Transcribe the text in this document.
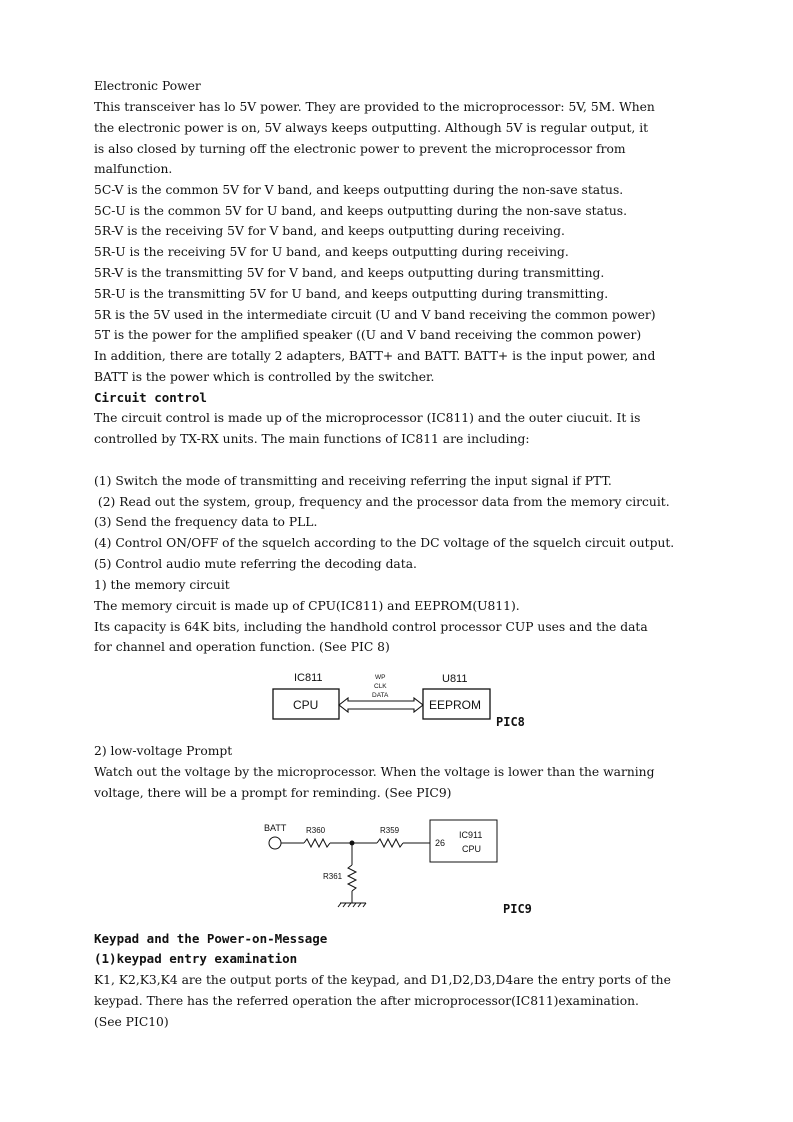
Electronic Power

This transceiver has lo 5V power. They are provided to the microprocessor: 5V, 5M. When

the electronic power is on, 5V always keeps outputting. Although 5V is regular output, it

is also closed by turning off the electronic power to prevent the microprocessor from

malfunction.

5C-V is the common 5V for V band, and keeps outputting during the non-save status.

5C-U is the common 5V for U band, and keeps outputting during the non-save status.

5R-V is the receiving 5V for V band, and keeps outputting during receiving.

5R-U is the receiving 5V for U band, and keeps outputting during receiving.

5R-V is the transmitting 5V for V band, and keeps outputting during transmitting.

5R-U is the transmitting 5V for U band, and keeps outputting during transmitting.

5R is the 5V used in the intermediate circuit (U and V band receiving the common power)

5T is the power for the amplified speaker ((U and V band receiving the common power)

In addition, there are totally 2 adapters, BATT+ and BATT. BATT+ is the input power, and

BATT is the power which is controlled by the switcher.

Circuit control

The circuit control is made up of the microprocessor (IC811) and the outer ciucuit. It is

controlled by TX-RX units. The main functions of IC811 are including:

(1) Switch the mode of transmitting and receiving referring the input signal if PTT.

(2) Read out the system, group, frequency and the processor data from the memory circuit.

(3) Send the frequency data to PLL.

(4) Control ON/OFF of the squelch according to the DC voltage of the squelch circuit output.

(5) Control audio mute referring the decoding data.

1) the memory circuit

The memory circuit is made up of CPU(IC811) and EEPROM(U811).

Its capacity is 64K bits, including the handhold control processor CUP uses and the data

for channel and operation function. (See PIC 8)

IC811
CPU
WP
CLK
DATA
U811
EEPROM
PIC8

2) low-voltage Prompt

Watch out the voltage by the microprocessor. When the voltage is lower than the warning

voltage, there will be a prompt for reminding. (See PIC9)

BATT R360	R359
26
IC911
CPU
R361
PIC9

Keypad and the Power-on-Message

(1)keypad entry examination

K1, K2,K3,K4 are the output ports of the keypad, and D1,D2,D3,D4are the entry ports of the

keypad. There has the referred operation the after microprocessor(IC811)examination.

(See PIC10)
